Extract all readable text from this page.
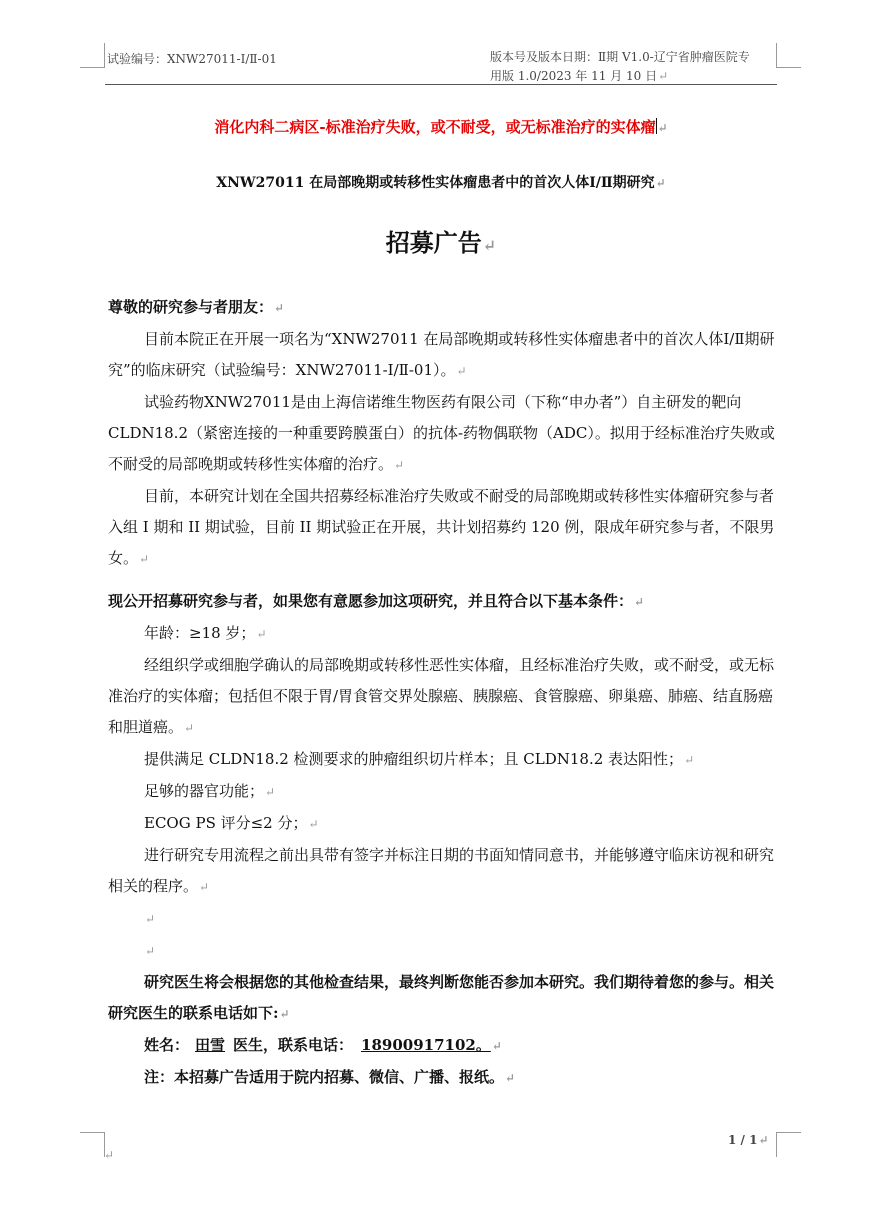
试验编号：XNW27011-Ⅰ/Ⅱ-01	版本号及版本日期：Ⅱ期 V1.0-辽宁省肿瘤医院专
用版 1.0/2023 年 11 月 10 日↵
消化内科二病区-标准治疗失败，或不耐受，或无标准治疗的实体瘤 ↵
XNW27011 在局部晚期或转移性实体瘤患者中的首次人体Ⅰ/Ⅱ期研究↵
招募广告↵

尊敬的研究参与者朋友：↵

目前本院正在开展一项名为“XNW27011 在局部晚期或转移性实体瘤患者中的首次人体Ⅰ/Ⅱ期研究”的临床研究（试验编号：XNW27011-Ⅰ/Ⅱ-01）。↵

试验药物XNW27011是由上海信诺维生物医药有限公司（下称“申办者”）自主研发的靶向CLDN18.2（紧密连接的一种重要跨膜蛋白）的抗体-药物偶联物（ADC）。拟用于经标准治疗失败或不耐受的局部晚期或转移性实体瘤的治疗。↵

目前，本研究计划在全国共招募经标准治疗失败或不耐受的局部晚期或转移性实体瘤研究参与者入组 I 期和 II 期试验，目前 II 期试验正在开展，共计划招募约 120 例，限成年研究参与者，不限男女。↵

现公开招募研究参与者，如果您有意愿参加这项研究，并且符合以下基本条件：↵

年龄：≥18 岁；↵

经组织学或细胞学确认的局部晚期或转移性恶性实体瘤，且经标准治疗失败，或不耐受，或无标准治疗的实体瘤；包括但不限于胃/胃食管交界处腺癌、胰腺癌、食管腺癌、卵巢癌、肺癌、结直肠癌和胆道癌。↵

提供满足 CLDN18.2 检测要求的肿瘤组织切片样本；且 CLDN18.2 表达阳性；↵

足够的器官功能；↵

ECOG PS 评分≤2 分；↵

进行研究专用流程之前出具带有签字并标注日期的书面知情同意书，并能够遵守临床访视和研究相关的程序。↵

↵

↵

研究医生将会根据您的其他检查结果，最终判断您能否参加本研究。我们期待着您的参与。相关研究医生的联系电话如下:↵

姓名： 田雪 医生，联系电话： 18900917102。↵

注：本招募广告适用于院内招募、微信、广播、报纸。↵

1 / 1↵
↵
